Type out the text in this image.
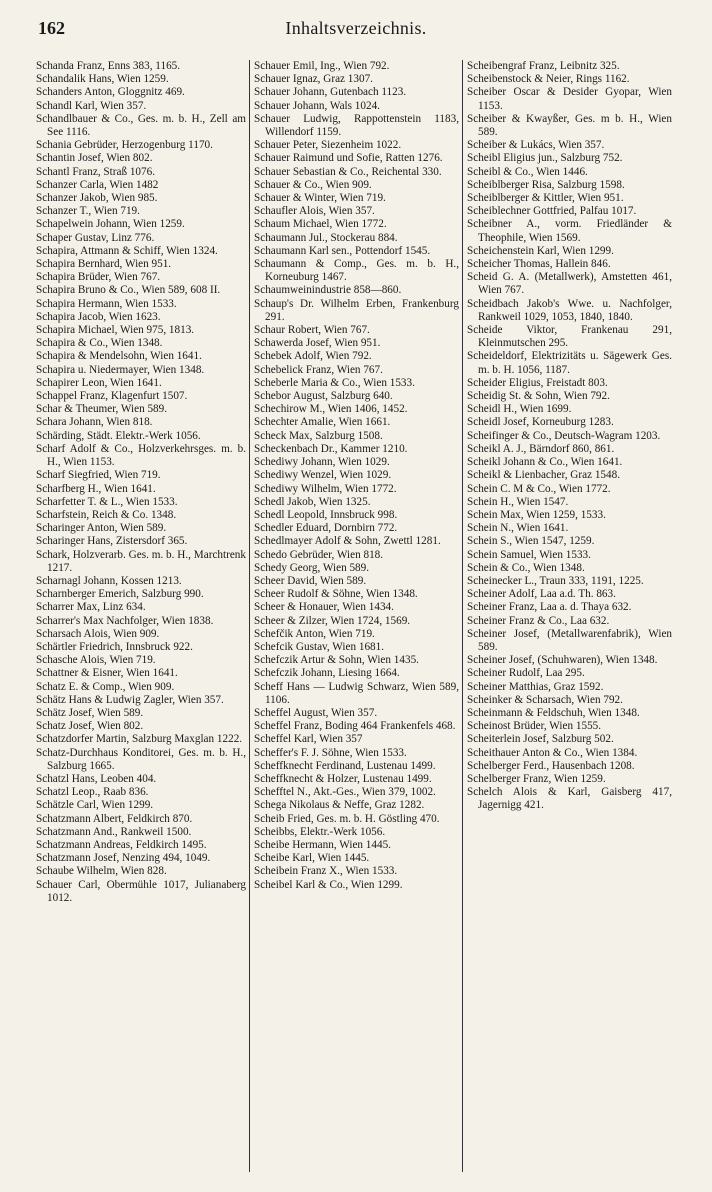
162	Inhaltsverzeichnis.
Schanda Franz, Enns 383, 1165.
Schandalik Hans, Wien 1259.
Schanders Anton, Gloggnitz 469.
Schandl Karl, Wien 357.
Schandlbauer & Co., Ges. m. b. H., Zell am See 1116.
Schania Gebrüder, Herzogenburg 1170.
Schantin Josef, Wien 802.
Schantl Franz, Straß 1076.
Schanzer Carla, Wien 1482
Schanzer Jakob, Wien 985.
Schanzer T., Wien 719.
Schapelwein Johann, Wien 1259.
Schaper Gustav, Linz 776.
Schapira, Attmann & Schiff, Wien 1324.
Schapira Bernhard, Wien 951.
Schapira Brüder, Wien 767.
Schapira Bruno & Co., Wien 589, 608 II.
Schapira Hermann, Wien 1533.
Schapira Jacob, Wien 1623.
Schapira Michael, Wien 975, 1813.
Schapira & Co., Wien 1348.
Schapira & Mendelsohn, Wien 1641.
Schapira u. Niedermayer, Wien 1348.
Schapirer Leon, Wien 1641.
Schappel Franz, Klagenfurt 1507.
Schar & Theumer, Wien 589.
Schara Johann, Wien 818.
Schärding, Städt. Elektr.-Werk 1056.
Scharf Adolf & Co., Holzverkehrsges. m. b. H., Wien 1153.
Scharf Siegfried, Wien 719.
Scharfberg H., Wien 1641.
Scharfetter T. & L., Wien 1533.
Scharfstein, Reich & Co. 1348.
Scharinger Anton, Wien 589.
Scharinger Hans, Zistersdorf 365.
Schark, Holzverarb. Ges. m. b. H., Marchtrenk 1217.
Scharnagl Johann, Kossen 1213.
Scharnberger Emerich, Salzburg 990.
Scharrer Max, Linz 634.
Scharrer's Max Nachfolger, Wien 1838.
Scharsach Alois, Wien 909.
Schärtler Friedrich, Innsbruck 922.
Schasche Alois, Wien 719.
Schattner & Eisner, Wien 1641.
Schatz E. & Comp., Wien 909.
Schätz Hans & Ludwig Zagler, Wien 357.
Schätz Josef, Wien 589.
Schatz Josef, Wien 802.
Schatzdorfer Martin, Salzburg Maxglan 1222.
Schatz-Durchhaus Konditorei, Ges. m. b. H., Salzburg 1665.
Schatzl Hans, Leoben 404.
Schatzl Leop., Raab 836.
Schätzle Carl, Wien 1299.
Schatzmann Albert, Feldkirch 870.
Schatzmann And., Rankweil 1500.
Schatzmann Andreas, Feldkirch 1495.
Schatzmann Josef, Nenzing 494, 1049.
Schaube Wilhelm, Wien 828.
Schauer Carl, Obermühle 1017, Julianaberg 1012.
Schauer Emil, Ing., Wien 792.
Schauer Ignaz, Graz 1307.
Schauer Johann, Gutenbach 1123.
Schauer Johann, Wals 1024.
Schauer Ludwig, Rappottenstein 1183, Willendorf 1159.
Schauer Peter, Siezenheim 1022.
Schauer Raimund und Sofie, Ratten 1276.
Schauer Sebastian & Co., Reichental 330.
Schauer & Co., Wien 909.
Schauer & Winter, Wien 719.
Schaufler Alois, Wien 357.
Schaum Michael, Wien 1772.
Schaumann Jul., Stockerau 884.
Schaumann Karl sen., Pottendorf 1545.
Schaumann & Comp., Ges. m. b. H., Korneuburg 1467.
Schaumweinindustrie 858—860.
Schaup's Dr. Wilhelm Erben, Frankenburg 291.
Schaur Robert, Wien 767.
Schawerda Josef, Wien 951.
Schebek Adolf, Wien 792.
Schebelick Franz, Wien 767.
Scheberle Maria & Co., Wien 1533.
Schebor August, Salzburg 640.
Schechirow M., Wien 1406, 1452.
Schechter Amalie, Wien 1661.
Scheck Max, Salzburg 1508.
Scheckenbach Dr., Kammer 1210.
Schediwy Johann, Wien 1029.
Schediwy Wenzel, Wien 1029.
Schediwy Wilhelm, Wien 1772.
Schedl Jakob, Wien 1325.
Schedl Leopold, Innsbruck 998.
Schedler Eduard, Dornbirn 772.
Schedlmayer Adolf & Sohn, Zwettl 1281.
Schedo Gebrüder, Wien 818.
Schedy Georg, Wien 589.
Scheer David, Wien 589.
Scheer Rudolf & Söhne, Wien 1348.
Scheer & Honauer, Wien 1434.
Scheer & Zilzer, Wien 1724, 1569.
Schefčik Anton, Wien 719.
Schefcik Gustav, Wien 1681.
Schefczik Artur & Sohn, Wien 1435.
Schefczik Johann, Liesing 1664.
Scheff Hans — Ludwig Schwarz, Wien 589, 1106.
Scheffel August, Wien 357.
Scheffel Franz, Boding 464 Frankenfels 468.
Scheffel Karl, Wien 357
Scheffer's F. J. Söhne, Wien 1533.
Scheffknecht Ferdinand, Lustenau 1499.
Scheffknecht & Holzer, Lustenau 1499.
Schefftel N., Akt.-Ges., Wien 379, 1002.
Schega Nikolaus & Neffe, Graz 1282.
Scheib Fried, Ges. m. b. H. Göstling 470.
Scheibbs, Elektr.-Werk 1056.
Scheibe Hermann, Wien 1445.
Scheibe Karl, Wien 1445.
Scheibein Franz X., Wien 1533.
Scheibel Karl & Co., Wien 1299.
Scheibengraf Franz, Leibnitz 325.
Scheibenstock & Neier, Rings 1162.
Scheiber Oscar & Desider Gyopar, Wien 1153.
Scheiber & Kwayßer, Ges. m b. H., Wien 589.
Scheiber & Lukács, Wien 357.
Scheibl Eligius jun., Salzburg 752.
Scheibl & Co., Wien 1446.
Scheiblberger Risa, Salzburg 1598.
Scheiblberger & Kittler, Wien 951.
Scheiblechner Gottfried, Palfau 1017.
Scheibner A., vorm. Friedländer & Theophile, Wien 1569.
Scheichenstein Karl, Wien 1299.
Scheicher Thomas, Hallein 846.
Scheid G. A. (Metallwerk), Amstetten 461, Wien 767.
Scheidbach Jakob's Wwe. u. Nachfolger, Rankweil 1029, 1053, 1840, 1840.
Scheide Viktor, Frankenau 291, Kleinmutschen 295.
Scheideldorf, Elektrizitäts u. Sägewerk Ges. m. b. H. 1056, 1187.
Scheider Eligius, Freistadt 803.
Scheidig St. & Sohn, Wien 792.
Scheidl H., Wien 1699.
Scheidl Josef, Korneuburg 1283.
Scheifinger & Co., Deutsch-Wagram 1203.
Scheikl A. J., Bärndorf 860, 861.
Scheikl Johann & Co., Wien 1641.
Scheikl & Lienbacher, Graz 1548.
Schein C. M & Co., Wien 1772.
Schein H., Wien 1547.
Schein Max, Wien 1259, 1533.
Schein N., Wien 1641.
Schein S., Wien 1547, 1259.
Schein Samuel, Wien 1533.
Schein & Co., Wien 1348.
Scheinecker L., Traun 333, 1191, 1225.
Scheiner Adolf, Laa a.d. Th. 863.
Scheiner Franz, Laa a. d. Thaya 632.
Scheiner Franz & Co., Laa 632.
Scheiner Josef, (Metallwarenfabrik), Wien 589.
Scheiner Josef, (Schuhwaren), Wien 1348.
Scheiner Rudolf, Laa 295.
Scheiner Matthias, Graz 1592.
Scheinker & Scharsach, Wien 792.
Scheinmann & Feldschuh, Wien 1348.
Scheinost Brüder, Wien 1555.
Scheiterlein Josef, Salzburg 502.
Scheithauer Anton & Co., Wien 1384.
Schelberger Ferd., Hausenbach 1208.
Schelberger Franz, Wien 1259.
Schelch Alois & Karl, Gaisberg 417, Jagernigg 421.
